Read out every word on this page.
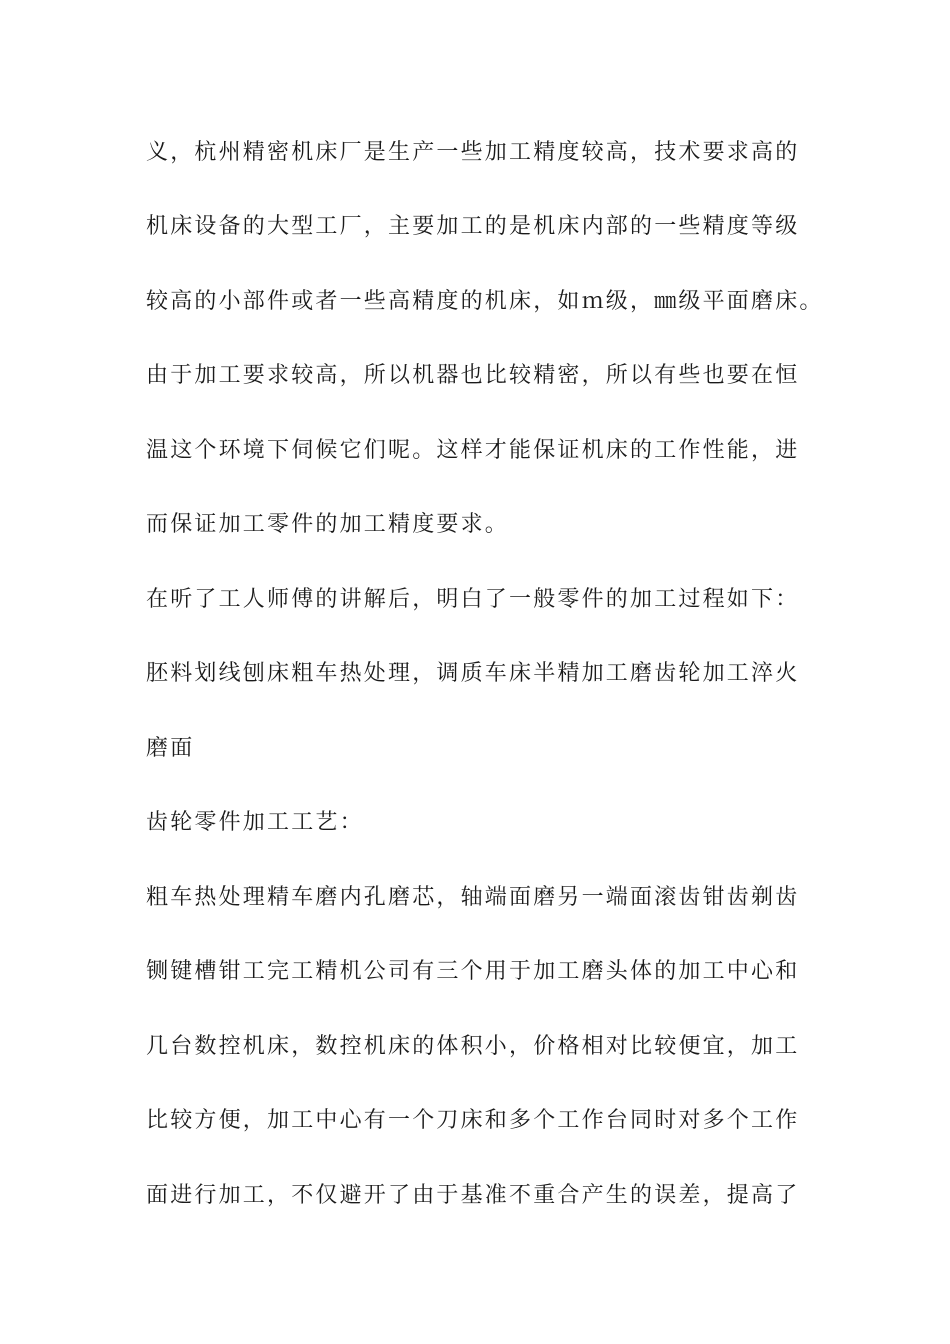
义，杭州精密机床厂是生产一些加工精度较高，技术要求高的

机床设备的大型工厂，主要加工的是机床内部的一些精度等级

较高的小部件或者一些高精度的机床，如ｍ级，㎜级平面磨床。

由于加工要求较高，所以机器也比较精密，所以有些也要在恒

温这个环境下伺候它们呢。这样才能保证机床的工作性能，进

而保证加工零件的加工精度要求。

在听了工人师傅的讲解后，明白了一般零件的加工过程如下：

胚料划线刨床粗车热处理，调质车床半精加工磨齿轮加工淬火

磨面

齿轮零件加工工艺：

粗车热处理精车磨内孔磨芯，轴端面磨另一端面滚齿钳齿剃齿

铡键槽钳工完工精机公司有三个用于加工磨头体的加工中心和

几台数控机床，数控机床的体积小，价格相对比较便宜，加工

比较方便，加工中心有一个刀床和多个工作台同时对多个工作

面进行加工，不仅避开了由于基准不重合产生的误差，提高了
